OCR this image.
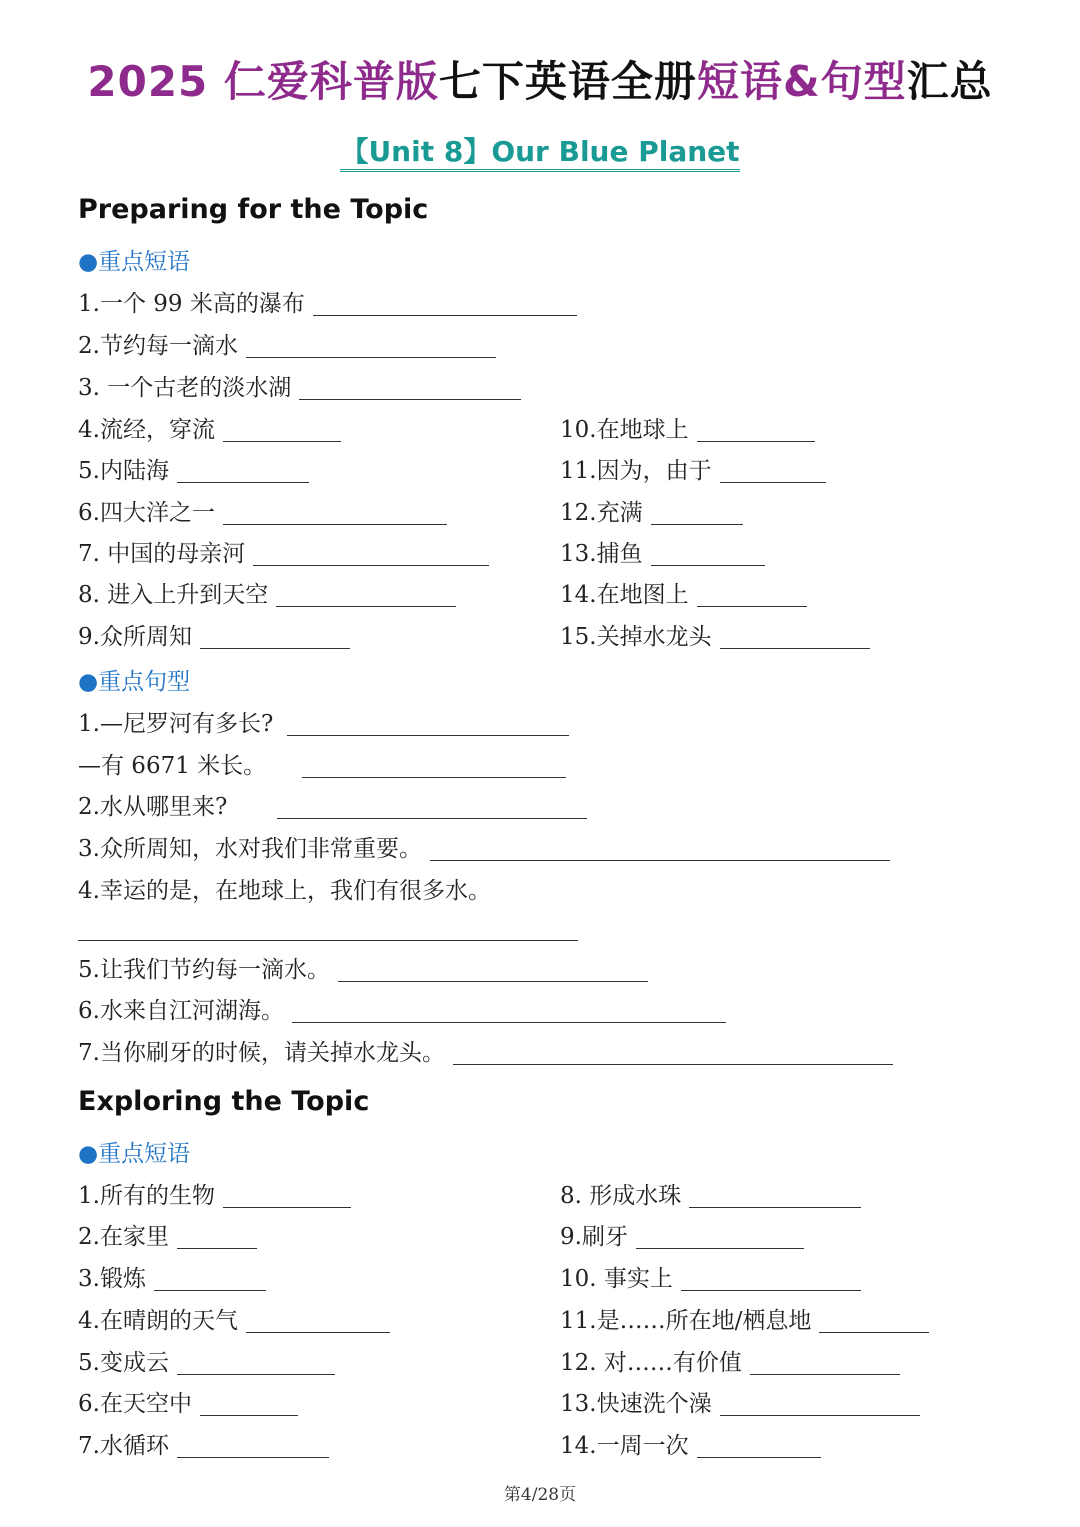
2025 仁爱科普版七下英语全册短语&句型汇总
【Unit 8】Our Blue Planet
Preparing for the Topic
●重点短语
1.一个 99 米高的瀑布
2.节约每一滴水
3. 一个古老的淡水湖
4.流经，穿流
5.内陆海
6.四大洋之一
7. 中国的母亲河
8. 进入上升到天空
9.众所周知
10.在地球上
11.因为，由于
12.充满
13.捕鱼
14.在地图上
15.关掉水龙头
●重点句型
1.—尼罗河有多长?
—有 6671 米长。
2.水从哪里来?
3.众所周知，水对我们非常重要。
4.幸运的是，在地球上，我们有很多水。
5.让我们节约每一滴水。
6.水来自江河湖海。
7.当你刷牙的时候，请关掉水龙头。
Exploring the Topic
●重点短语
1.所有的生物
2.在家里
3.锻炼
4.在晴朗的天气
5.变成云
6.在天空中
7.水循环
8. 形成水珠
9.刷牙
10. 事实上
11.是……所在地/栖息地
12. 对……有价值
13.快速洗个澡
14.一周一次
第4/28页
